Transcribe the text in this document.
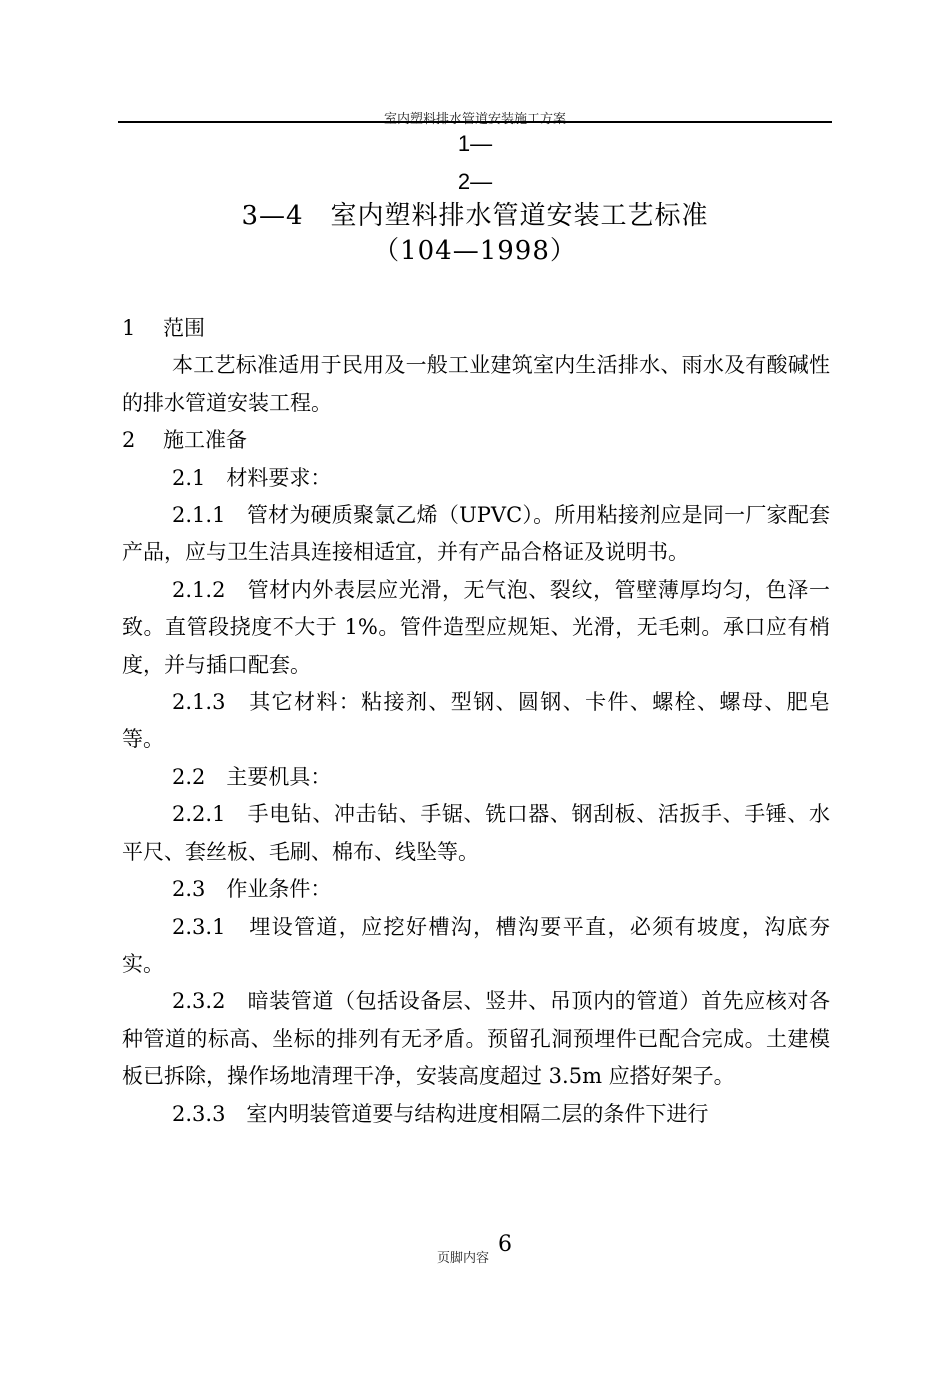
室内塑料排水管道安装施工方案
1—
2—
3—4　室内塑料排水管道安装工艺标准
（104—1998）

1　 范围

本工艺标准适用于民用及一般工业建筑室内生活排水、雨水及有酸碱性的排水管道安装工程。

2　 施工准备

2.1　材料要求：

2.1.1　管材为硬质聚氯乙烯（UPVC）。所用粘接剂应是同一厂家配套产品，应与卫生洁具连接相适宜，并有产品合格证及说明书。

2.1.2　管材内外表层应光滑，无气泡、裂纹，管壁薄厚均匀，色泽一致。直管段挠度不大于 1%。管件造型应规矩、光滑，无毛刺。承口应有梢度，并与插口配套。

2.1.3　其它材料：粘接剂、型钢、圆钢、卡件、螺栓、螺母、肥皂等。

2.2　主要机具：

2.2.1　手电钻、冲击钻、手锯、铣口器、钢刮板、活扳手、手锤、水平尺、套丝板、毛刷、棉布、线坠等。

2.3　作业条件：

2.3.1　埋设管道，应挖好槽沟，槽沟要平直，必须有坡度，沟底夯实。

2.3.2　暗装管道（包括设备层、竖井、吊顶内的管道）首先应核对各种管道的标高、坐标的排列有无矛盾。预留孔洞预埋件已配合完成。土建模板已拆除，操作场地清理干净，安装高度超过 3.5m 应搭好架子。

2.3.3　室内明装管道要与结构进度相隔二层的条件下进行

页脚内容
6
